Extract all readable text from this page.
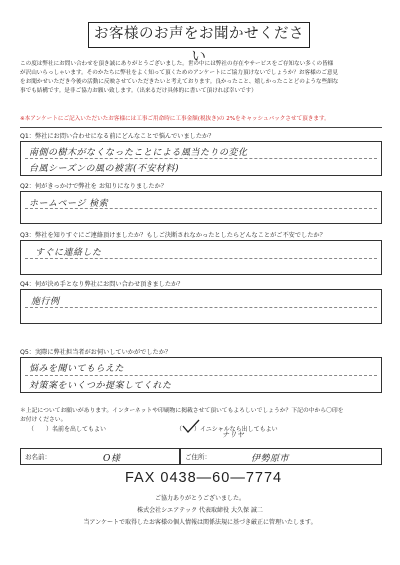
お客様のお声をお聞かせください
この度は弊社にお問い合わせを頂き誠にありがとうございました。世の中には弊社の存在やサービスをご存知ない多くの皆様
が沢山いらっしゃいます。そのかたちに弊社をよく知って頂くためのアンケートにご協力頂けないでしょうか？お客様のご意見
をお聞かせいただき今後の活動に反映させていただきたいと考えております。良かったこと、嬉しかったことどのような些細な
事でも結構です。是非ご協力お願い致します。（出来るだけ具体的に書いて頂ければ幸いです）
※本アンケートにご記入いただいたお客様には工事ご用命時に工事金額(税抜き)の 2%をキャッシュバックさせて頂きます。
Q1：弊社にお問い合わせになる前にどんなことで悩んでいましたか？
南側の樹木がなくなったことによる風当たりの変化
台風シーズンの風の被害(不安材料)
Q2：何がきっかけで弊社を お知りになりましたか？
ホームページ 検索
Q3：弊社を知りすぐにご連絡頂けましたか？もしご決断されなかったとしたらどんなことがご不安でしたか？
すぐに連絡した
Q4：何が決め手となり弊社にお問い合わせ頂きましたか？
施行例
Q5：実際に弊社担当者がお伺いしていかがでしたか？
悩みを聞いてもらえた
対策案をいくつか提案してくれた
＊上記についてお願いがあります。インターネットや印刷物に掲載させて頂いてもよろしいでしょうか？下記の中から〇印を
お付けください。
（　　）名前を出してもよい	（　　）イニシャルなら出してもよい
ナリヤ
お名前：	O様	ご住所：	伊勢原市
FAX 0438―60―7774
ご協力ありがとうございました。
株式会社シエアテック 代表取締役 大久保 誠二
当アンケートで取得したお客様の個人情報は関係法規に基づき厳正に管理いたします。
